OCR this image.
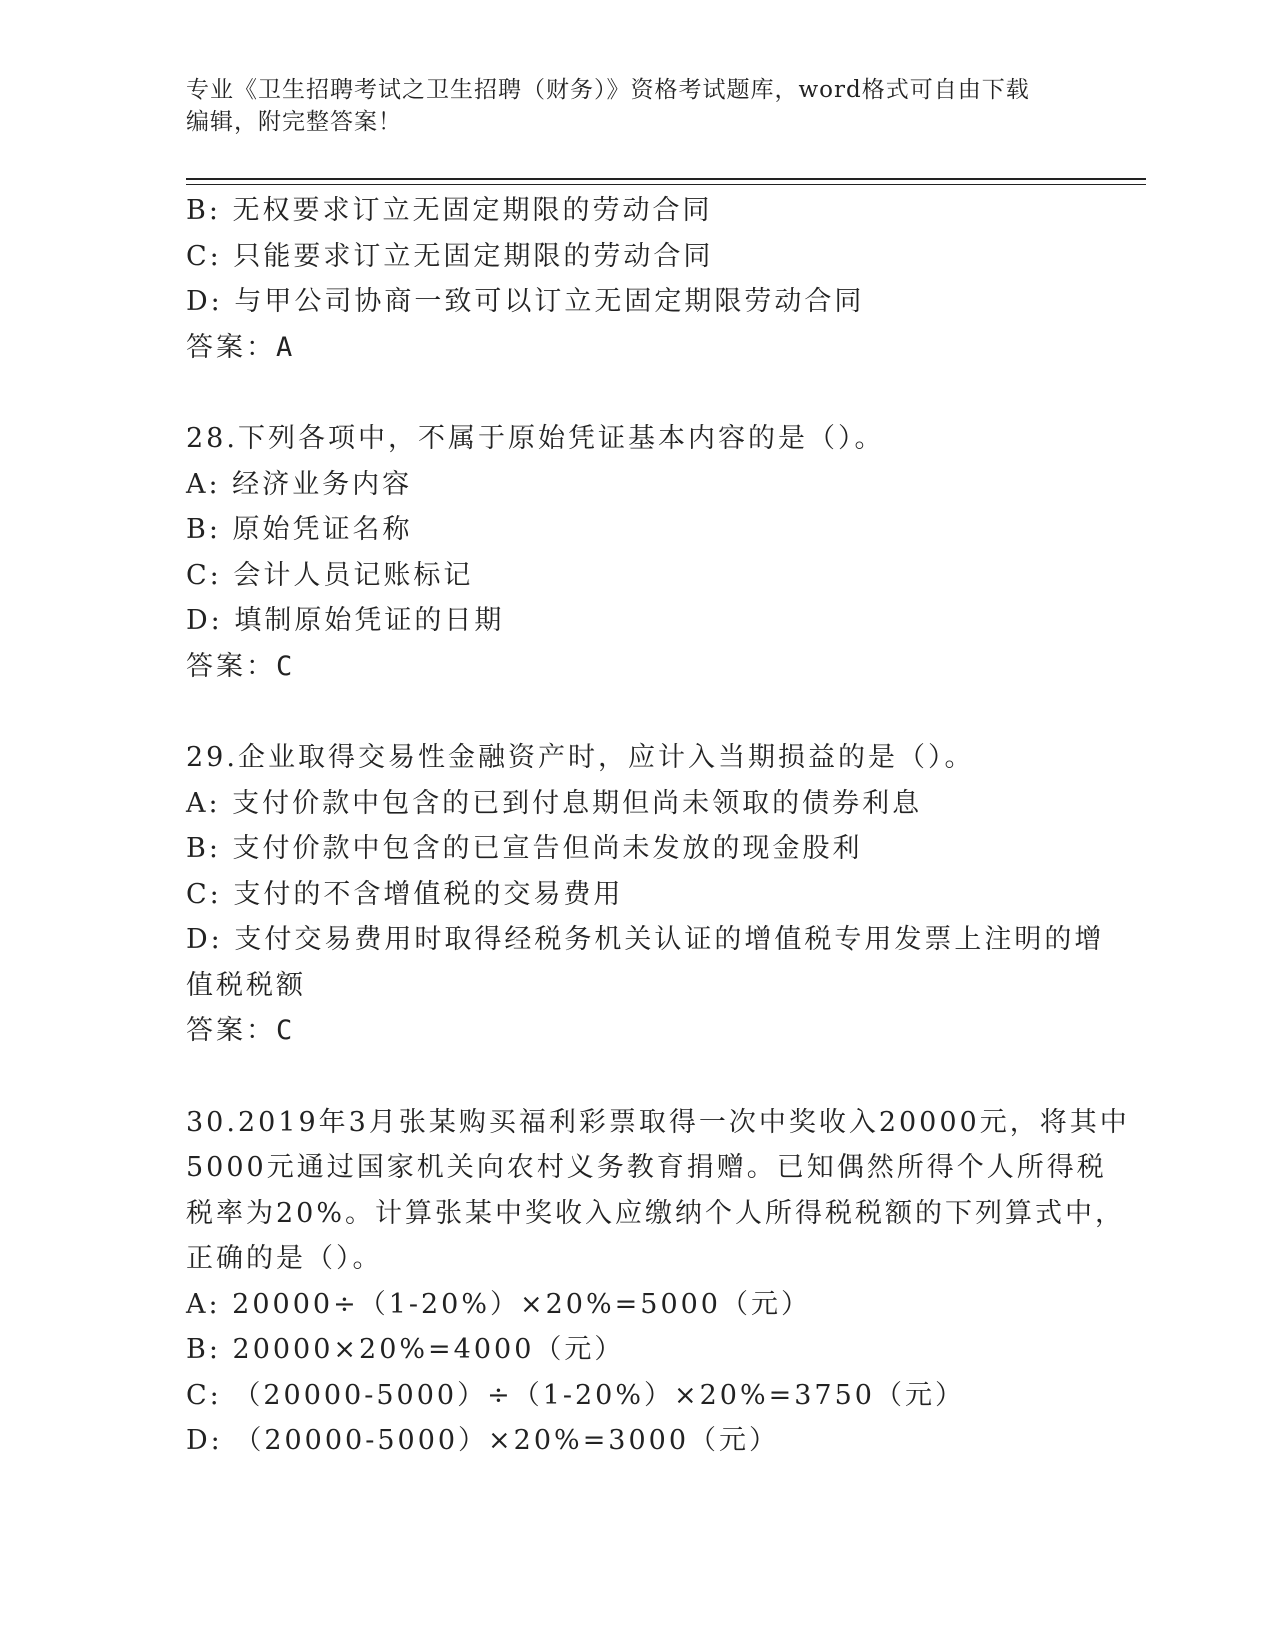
专业《卫生招聘考试之卫生招聘（财务）》资格考试题库，word格式可自由下载
编辑，附完整答案！
B: 无权要求订立无固定期限的劳动合同
C: 只能要求订立无固定期限的劳动合同
D: 与甲公司协商一致可以订立无固定期限劳动合同
答案：A
28.下列各项中，不属于原始凭证基本内容的是（）。
A: 经济业务内容
B: 原始凭证名称
C: 会计人员记账标记
D: 填制原始凭证的日期
答案：C
29.企业取得交易性金融资产时，应计入当期损益的是（）。
A: 支付价款中包含的已到付息期但尚未领取的债券利息
B: 支付价款中包含的已宣告但尚未发放的现金股利
C: 支付的不含增值税的交易费用
D: 支付交易费用时取得经税务机关认证的增值税专用发票上注明的增
值税税额
答案：C
30.2019年3月张某购买福利彩票取得一次中奖收入20000元，将其中
5000元通过国家机关向农村义务教育捐赠。已知偶然所得个人所得税
税率为20%。计算张某中奖收入应缴纳个人所得税税额的下列算式中，
正确的是（）。
A: 20000÷（1-20%）×20%=5000（元）
B: 20000×20%=4000（元）
C: （20000-5000）÷（1-20%）×20%=3750（元）
D: （20000-5000）×20%=3000（元）
